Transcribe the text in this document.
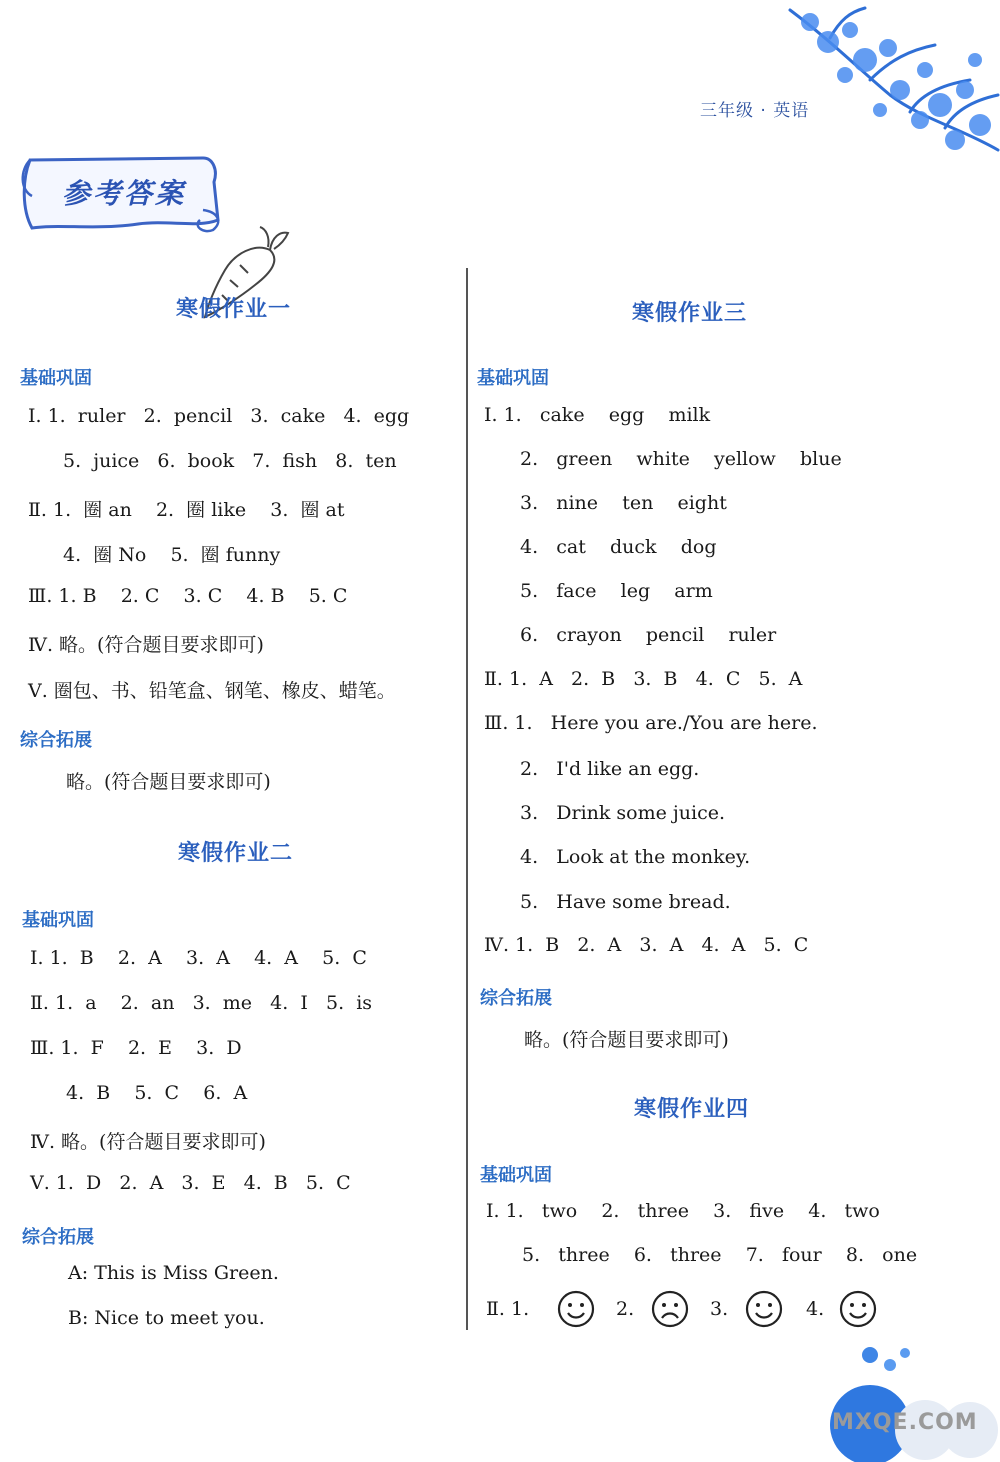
三年级 · 英语
参考答案
寒假作业一
基础巩固
Ⅰ. 1.  ruler   2.  pencil   3.  cake   4.  egg
5.  juice   6.  book   7.  fish   8.  ten
Ⅱ. 1.  圈 an    2.  圈 like    3.  圈 at
4.  圈 No    5.  圈 funny
Ⅲ. 1. B    2. C    3. C    4. B    5. C
Ⅳ. 略。(符合题目要求即可)
Ⅴ. 圈包、书、铅笔盒、钢笔、橡皮、蜡笔。
综合拓展
略。(符合题目要求即可)
寒假作业二
基础巩固
Ⅰ. 1.  B    2.  A    3.  A    4.  A    5.  C
Ⅱ. 1.  a    2.  an   3.  me   4.  I   5.  is
Ⅲ. 1.  F    2.  E    3.  D
4.  B    5.  C    6.  A
Ⅳ. 略。(符合题目要求即可)
Ⅴ. 1.  D   2.  A   3.  E   4.  B   5.  C
综合拓展
A: This is Miss Green.
B: Nice to meet you.
寒假作业三
基础巩固
Ⅰ. 1.   cake    egg    milk
2.   green    white    yellow    blue
3.   nine    ten    eight
4.   cat    duck    dog
5.   face    leg    arm
6.   crayon    pencil    ruler
Ⅱ. 1.  A   2.  B   3.  B   4.  C   5.  A
Ⅲ. 1.   Here you are./You are here.
2.   I'd like an egg.
3.   Drink some juice.
4.   Look at the monkey.
5.   Have some bread.
Ⅳ. 1.  B   2.  A   3.  A   4.  A   5.  C
综合拓展
略。(符合题目要求即可)
寒假作业四
基础巩固
Ⅰ. 1.   two    2.   three    3.   five    4.   two
5.   three    6.   three    7.   four    8.   one
Ⅱ. 1.	2.	3.	4.
MXQE.COM
